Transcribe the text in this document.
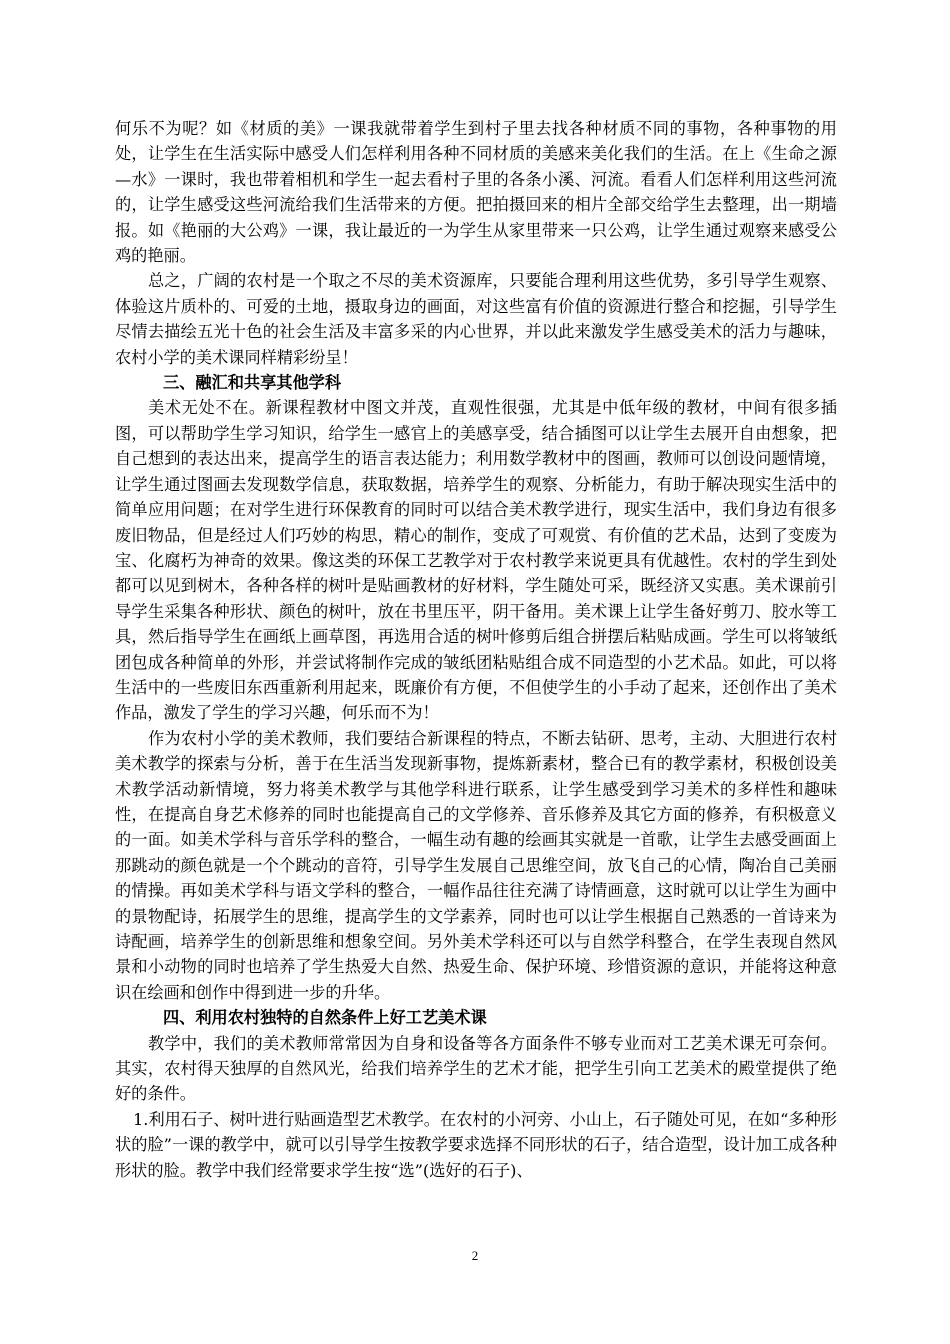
何乐不为呢？如《材质的美》一课我就带着学生到村子里去找各种材质不同的事物，各种事物的用处，让学生在生活实际中感受人们怎样利用各种不同材质的美感来美化我们的生活。在上《生命之源—水》一课时，我也带着相机和学生一起去看村子里的各条小溪、河流。看看人们怎样利用这些河流的，让学生感受这些河流给我们生活带来的方便。把拍摄回来的相片全部交给学生去整理，出一期墙报。如《艳丽的大公鸡》一课，我让最近的一为学生从家里带来一只公鸡，让学生通过观察来感受公鸡的艳丽。

总之，广阔的农村是一个取之不尽的美术资源库，只要能合理利用这些优势，多引导学生观察、体验这片质朴的、可爱的土地，摄取身边的画面，对这些富有价值的资源进行整合和挖掘，引导学生尽情去描绘五光十色的社会生活及丰富多采的内心世界，并以此来激发学生感受美术的活力与趣味， 农村小学的美术课同样精彩纷呈！

三、融汇和共享其他学科

美术无处不在。新课程教材中图文并茂，直观性很强，尤其是中低年级的教材，中间有很多插图，可以帮助学生学习知识，给学生一感官上的美感享受，结合插图可以让学生去展开自由想象，把自己想到的表达出来，提高学生的语言表达能力；利用数学教材中的图画，教师可以创设问题情境，让学生通过图画去发现数学信息，获取数据，培养学生的观察、分析能力，有助于解决现实生活中的简单应用问题；在对学生进行环保教育的同时可以结合美术教学进行，现实生活中，我们身边有很多废旧物品，但是经过人们巧妙的构思，精心的制作，变成了可观赏、有价值的艺术品，达到了变废为宝、化腐朽为神奇的效果。像这类的环保工艺教学对于农村教学来说更具有优越性。农村的学生到处都可以见到树木，各种各样的树叶是贴画教材的好材料，学生随处可采，既经济又实惠。美术课前引导学生采集各种形状、颜色的树叶，放在书里压平，阴干备用。美术课上让学生备好剪刀、胶水等工具，然后指导学生在画纸上画草图，再选用合适的树叶修剪后组合拼摆后粘贴成画。学生可以将皱纸团包成各种简单的外形，并尝试将制作完成的皱纸团粘贴组合成不同造型的小艺术品。如此，可以将生活中的一些废旧东西重新利用起来，既廉价有方便，不但使学生的小手动了起来，还创作出了美术作品，激发了学生的学习兴趣，何乐而不为！

作为农村小学的美术教师，我们要结合新课程的特点，不断去钻研、思考，主动、大胆进行农村美术教学的探索与分析，善于在生活当发现新事物，提炼新素材，整合已有的教学素材，积极创设美术教学活动新情境，努力将美术教学与其他学科进行联系，让学生感受到学习美术的多样性和趣味性，在提高自身艺术修养的同时也能提高自己的文学修养、音乐修养及其它方面的修养，有积极意义的一面。如美术学科与音乐学科的整合，一幅生动有趣的绘画其实就是一首歌，让学生去感受画面上那跳动的颜色就是一个个跳动的音符，引导学生发展自己思维空间，放飞自己的心情，陶冶自己美丽的情操。再如美术学科与语文学科的整合，一幅作品往往充满了诗情画意，这时就可以让学生为画中的景物配诗，拓展学生的思维，提高学生的文学素养，同时也可以让学生根据自己熟悉的一首诗来为诗配画，培养学生的创新思维和想象空间。另外美术学科还可以与自然学科整合，在学生表现自然风景和小动物的同时也培养了学生热爱大自然、热爱生命、保护环境、珍惜资源的意识，并能将这种意识在绘画和创作中得到进一步的升华。

四、利用农村独特的自然条件上好工艺美术课

教学中，我们的美术教师常常因为自身和设备等各方面条件不够专业而对工艺美术课无可奈何。其实，农村得天独厚的自然风光，给我们培养学生的艺术才能，把学生引向工艺美术的殿堂提供了绝好的条件。

1.利用石子、树叶进行贴画造型艺术教学。在农村的小河旁、小山上，石子随处可见，在如“多种形状的脸”一课的教学中，就可以引导学生按教学要求选择不同形状的石子，结合造型，设计加工成各种形状的脸。教学中我们经常要求学生按“选”(选好的石子)、

2
